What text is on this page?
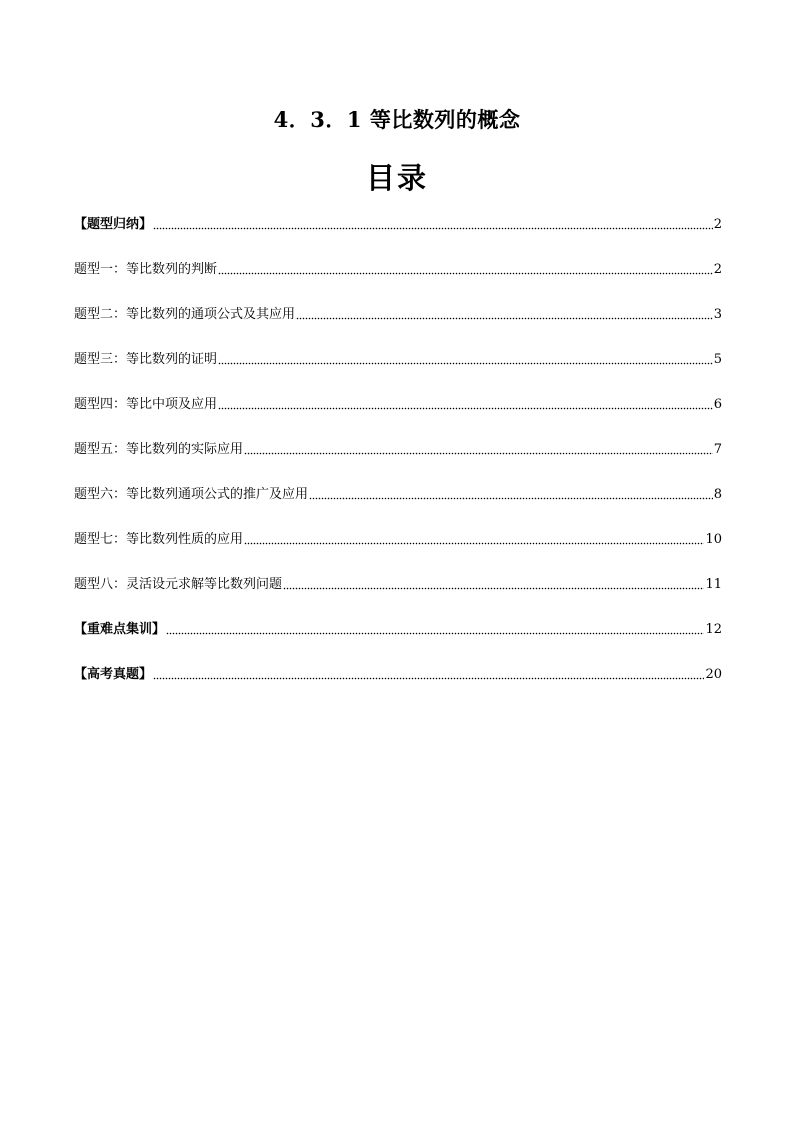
4．3．1 等比数列的概念
目录
【题型归纳】	2
题型一：等比数列的判断	2
题型二：等比数列的通项公式及其应用	3
题型三：等比数列的证明	5
题型四：等比中项及应用	6
题型五：等比数列的实际应用	7
题型六：等比数列通项公式的推广及应用	8
题型七：等比数列性质的应用	10
题型八：灵活设元求解等比数列问题	11
【重难点集训】	12
【高考真题】	20
